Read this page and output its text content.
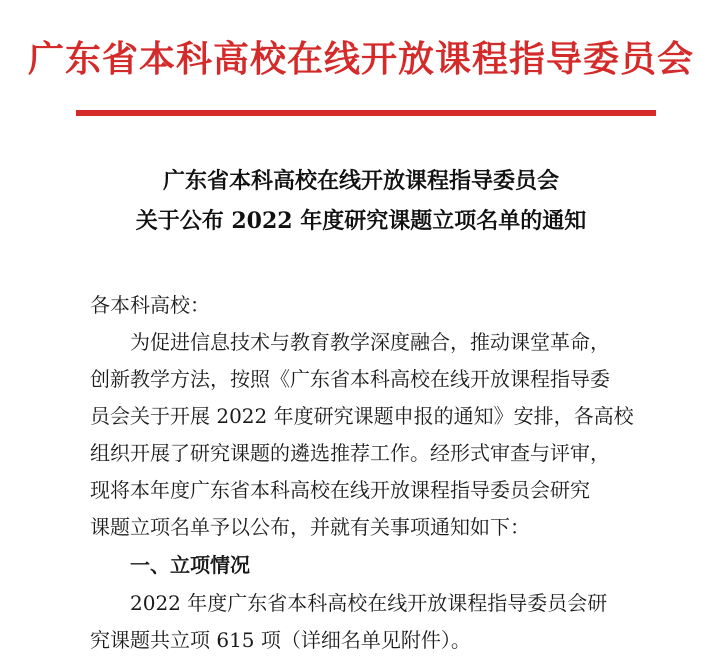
广东省本科高校在线开放课程指导委员会
广东省本科高校在线开放课程指导委员会
关于公布 2022 年度研究课题立项名单的通知
各本科高校：
为促进信息技术与教育教学深度融合，推动课堂革命，
创新教学方法，按照《广东省本科高校在线开放课程指导委
员会关于开展 2022 年度研究课题申报的通知》安排，各高校
组织开展了研究课题的遴选推荐工作。经形式审查与评审，
现将本年度广东省本科高校在线开放课程指导委员会研究
课题立项名单予以公布，并就有关事项通知如下：
一、立项情况
2022 年度广东省本科高校在线开放课程指导委员会研
究课题共立项 615 项（详细名单见附件）。
